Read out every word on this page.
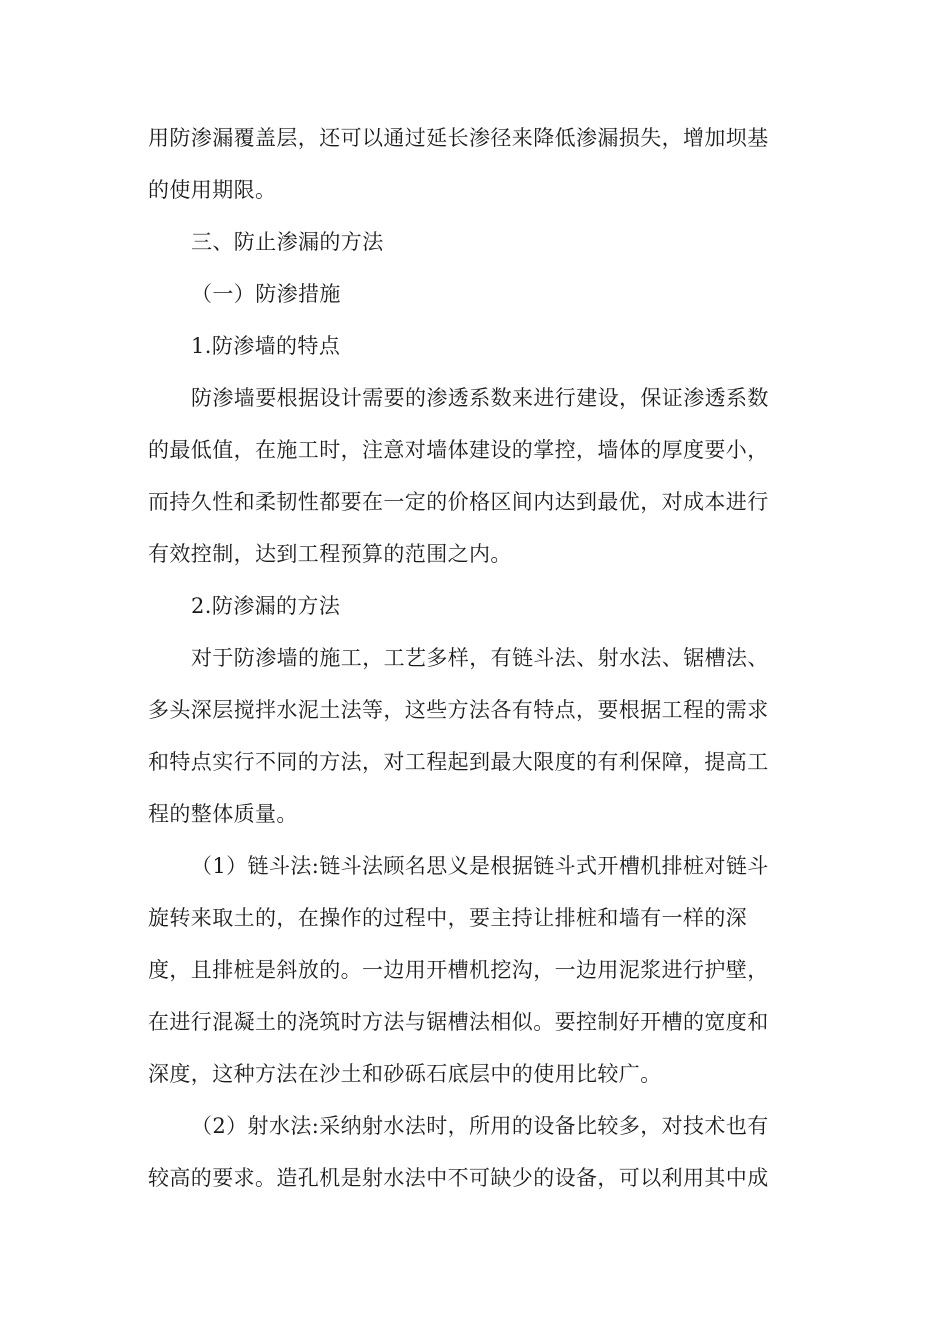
用防渗漏覆盖层，还可以通过延长渗径来降低渗漏损失，增加坝基
的使用期限。
三、防止渗漏的方法
（一）防渗措施
1.防渗墙的特点
防渗墙要根据设计需要的渗透系数来进行建设，保证渗透系数
的最低值，在施工时，注意对墙体建设的掌控，墙体的厚度要小，
而持久性和柔韧性都要在一定的价格区间内达到最优，对成本进行
有效控制，达到工程预算的范围之内。
2.防渗漏的方法
对于防渗墙的施工，工艺多样，有链斗法、射水法、锯槽法、
多头深层搅拌水泥土法等，这些方法各有特点，要根据工程的需求
和特点实行不同的方法，对工程起到最大限度的有利保障，提高工
程的整体质量。
（1）链斗法:链斗法顾名思义是根据链斗式开槽机排桩对链斗
旋转来取土的，在操作的过程中，要主持让排桩和墙有一样的深
度，且排桩是斜放的。一边用开槽机挖沟，一边用泥浆进行护壁，
在进行混凝土的浇筑时方法与锯槽法相似。要控制好开槽的宽度和
深度，这种方法在沙土和砂砾石底层中的使用比较广。
（2）射水法:采纳射水法时，所用的设备比较多，对技术也有
较高的要求。造孔机是射水法中不可缺少的设备，可以利用其中成
